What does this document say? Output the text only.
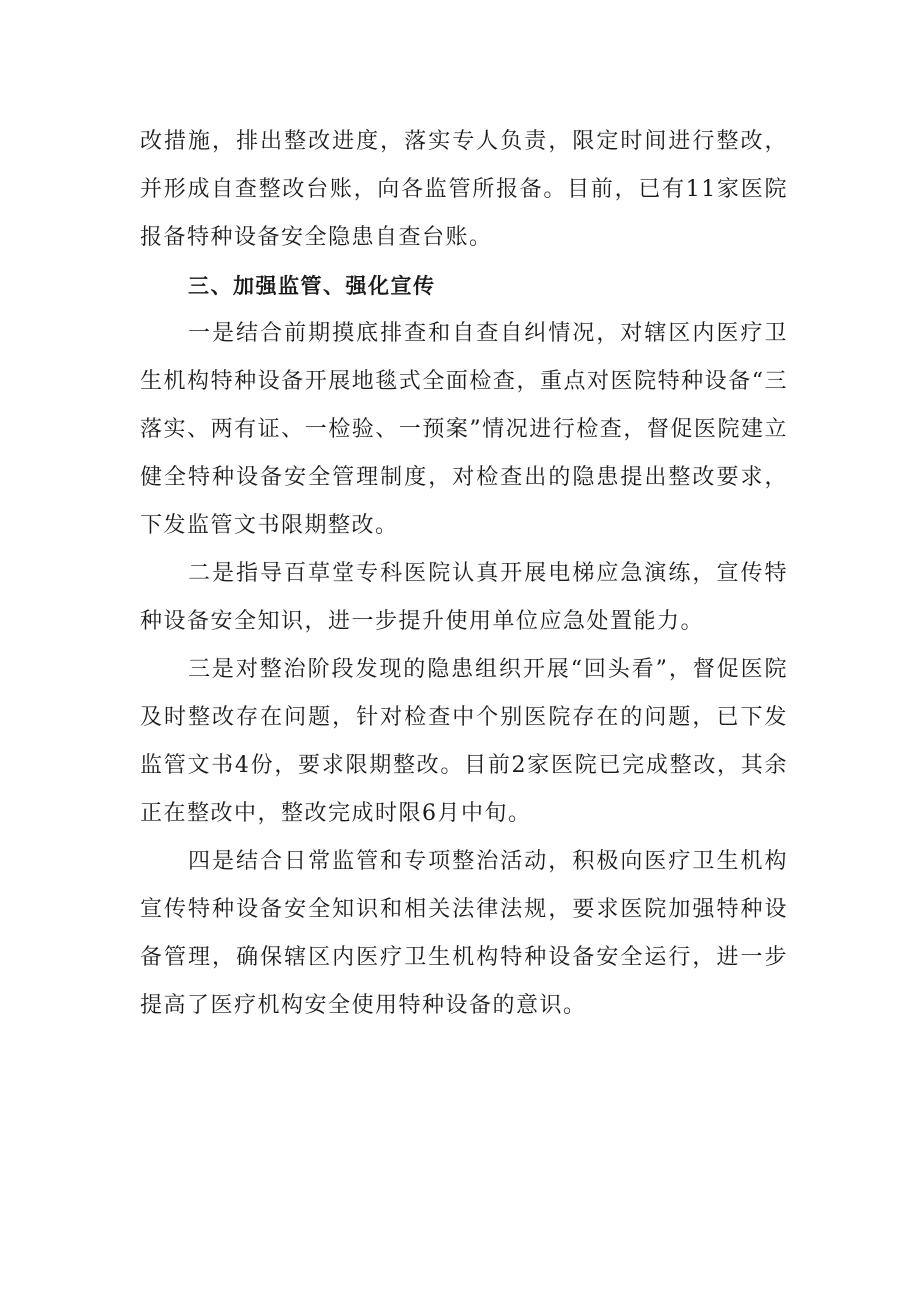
改措施，排出整改进度，落实专人负责，限定时间进行整改，并形成自查整改台账，向各监管所报备。目前，已有11家医院报备特种设备安全隐患自查台账。

三、加强监管、强化宣传

一是结合前期摸底排查和自查自纠情况，对辖区内医疗卫生机构特种设备开展地毯式全面检查，重点对医院特种设备“三落实、两有证、一检验、一预案”情况进行检查，督促医院建立健全特种设备安全管理制度，对检查出的隐患提出整改要求，下发监管文书限期整改。

二是指导百草堂专科医院认真开展电梯应急演练，宣传特种设备安全知识，进一步提升使用单位应急处置能力。

三是对整治阶段发现的隐患组织开展“回头看”，督促医院及时整改存在问题，针对检查中个别医院存在的问题，已下发监管文书4份，要求限期整改。目前2家医院已完成整改，其余正在整改中，整改完成时限6月中旬。

四是结合日常监管和专项整治活动，积极向医疗卫生机构宣传特种设备安全知识和相关法律法规，要求医院加强特种设备管理，确保辖区内医疗卫生机构特种设备安全运行，进一步提高了医疗机构安全使用特种设备的意识。
